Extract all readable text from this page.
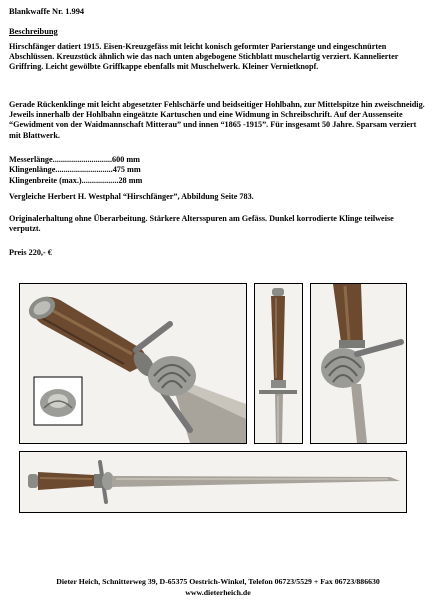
Blankwaffe Nr. 1.994
Beschreibung

Hirschfänger datiert 1915. Eisen-Kreuzgefäss mit leicht konisch geformter Parierstange und eingeschnürten Abschlüssen. Kreuzstück ähnlich wie das nach unten abgebogene Stichblatt muschelartig verziert. Kannelierter Griffring. Leicht gewölbte Griffkappe ebenfalls mit Muschelwerk. Kleiner Vernietknopf.

Gerade Rückenklinge mit leicht abgesetzter Fehlschärfe und beidseitiger Hohlbahn, zur Mittelspitze hin zweischneidig. Jeweils innerhalb der Hohlbahn eingeätzte Kartuschen und eine Widmung in Schreibschrift. Auf der Aussenseite “Gewidment von der Waidmannschaft Mitterau” und innen “1865 -1915”. Für insgesamt 50 Jahre. Sparsam verziert mit Blattwerk.

Messerlänge.............................600 mm
Klingenlänge............................475 mm
Klingenbreite (max.)..................28 mm

Vergleiche Herbert H. Westphal “Hirschfänger”, Abbildung Seite 783.

Originalerhaltung ohne Überarbeitung. Stärkere Altersspuren am Gefäss. Dunkel korrodierte Klinge teilweise verputzt.

Preis 220,- €
Dieter Heich, Schnitterweg 39, D-65375 Oestrich-Winkel, Telefon 06723/5529 + Fax 06723/886630
www.dieterheich.de
